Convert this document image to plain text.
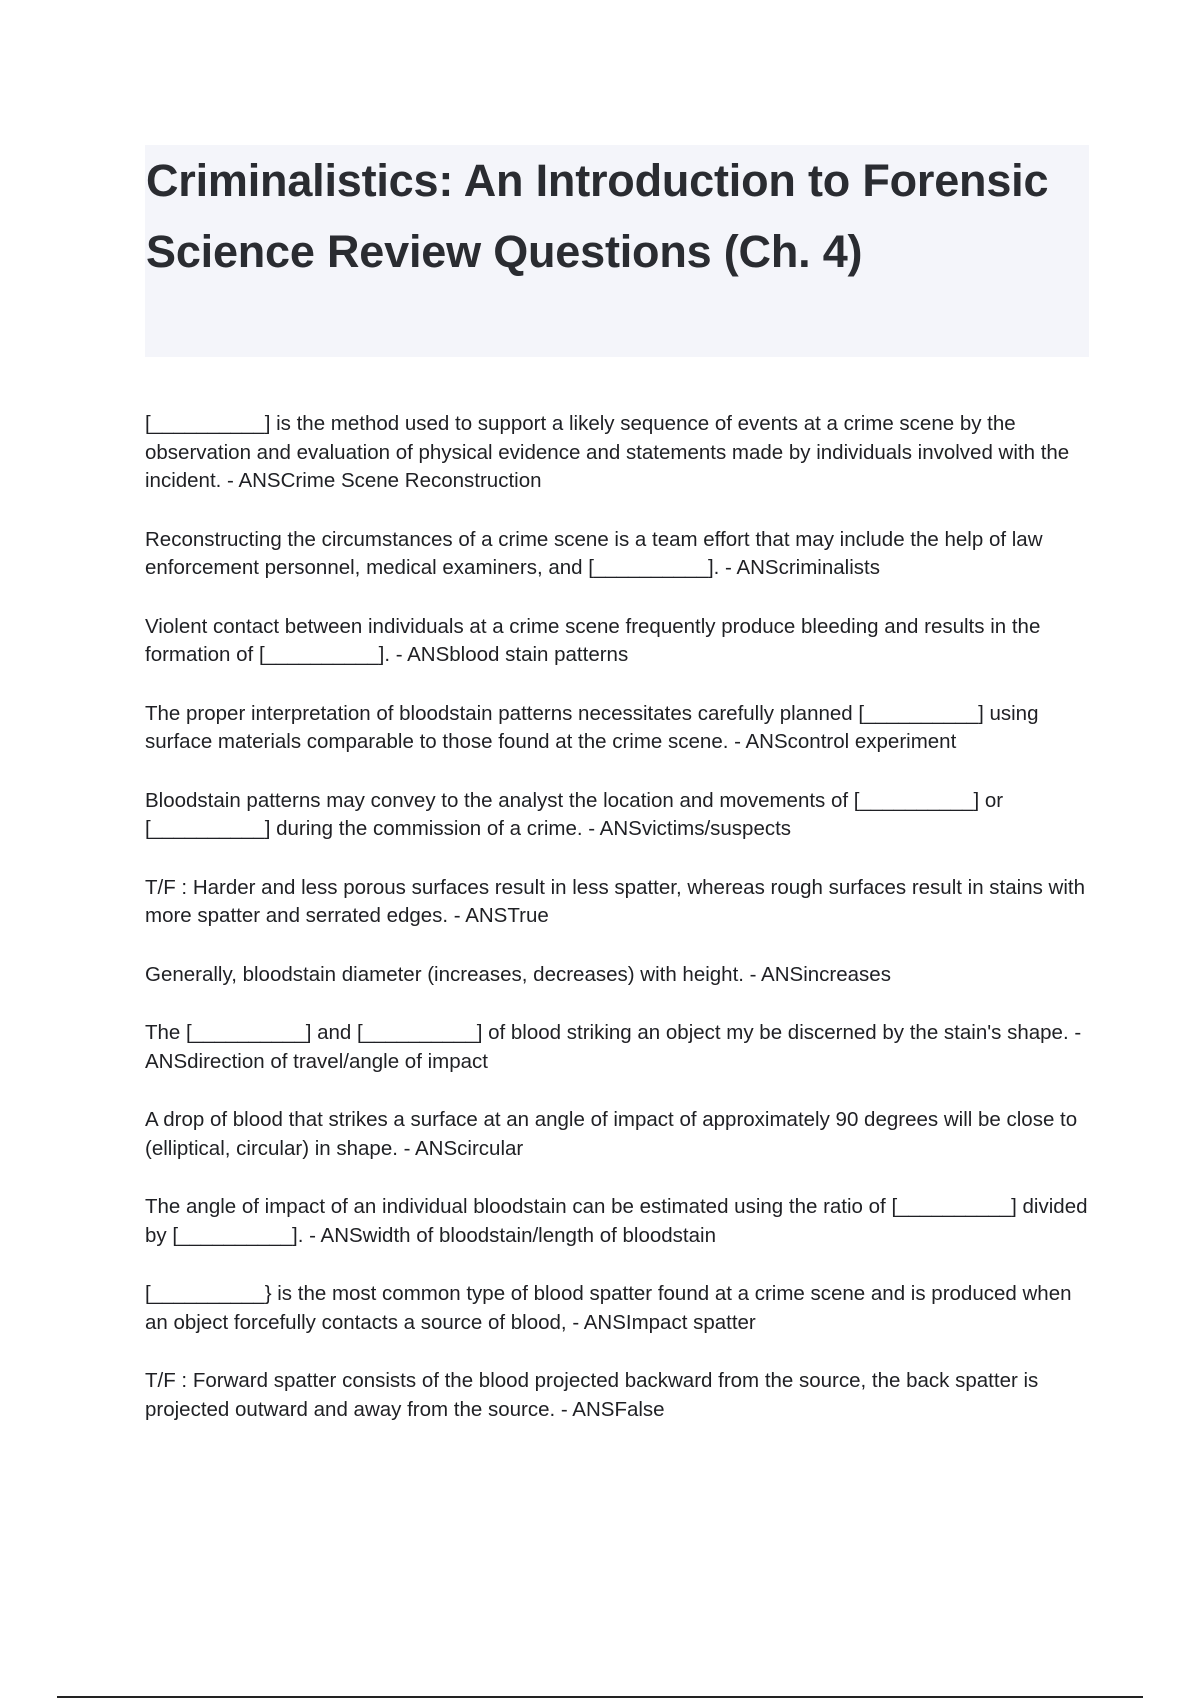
Criminalistics: An Introduction to Forensic Science Review Questions (Ch. 4)
[__________] is the method used to support a likely sequence of events at a crime scene by the observation and evaluation of physical evidence and statements made by individuals involved with the incident. - ANSCrime Scene Reconstruction
Reconstructing the circumstances of a crime scene is a team effort that may include the help of law enforcement personnel, medical examiners, and [__________]. - ANScriminalists
Violent contact between individuals at a crime scene frequently produce bleeding and results in the formation of [__________]. - ANSblood stain patterns
The proper interpretation of bloodstain patterns necessitates carefully planned [__________] using surface materials comparable to those found at the crime scene. - ANScontrol experiment
Bloodstain patterns may convey to the analyst the location and movements of [__________] or [__________] during the commission of a crime. - ANSvictims/suspects
T/F : Harder and less porous surfaces result in less spatter, whereas rough surfaces result in stains with more spatter and serrated edges. - ANSTrue
Generally, bloodstain diameter (increases, decreases) with height. - ANSincreases
The [__________] and [__________] of blood striking an object my be discerned by the stain's shape. - ANSdirection of travel/angle of impact
A drop of blood that strikes a surface at an angle of impact of approximately 90 degrees will be close to (elliptical, circular) in shape. - ANScircular
The angle of impact of an individual bloodstain can be estimated using the ratio of [__________] divided by [__________]. - ANSwidth of bloodstain/length of bloodstain
[__________} is the most common type of blood spatter found at a crime scene and is produced when an object forcefully contacts a source of blood, - ANSImpact spatter
T/F : Forward spatter consists of the blood projected backward from the source, the back spatter is projected outward and away from the source. - ANSFalse
